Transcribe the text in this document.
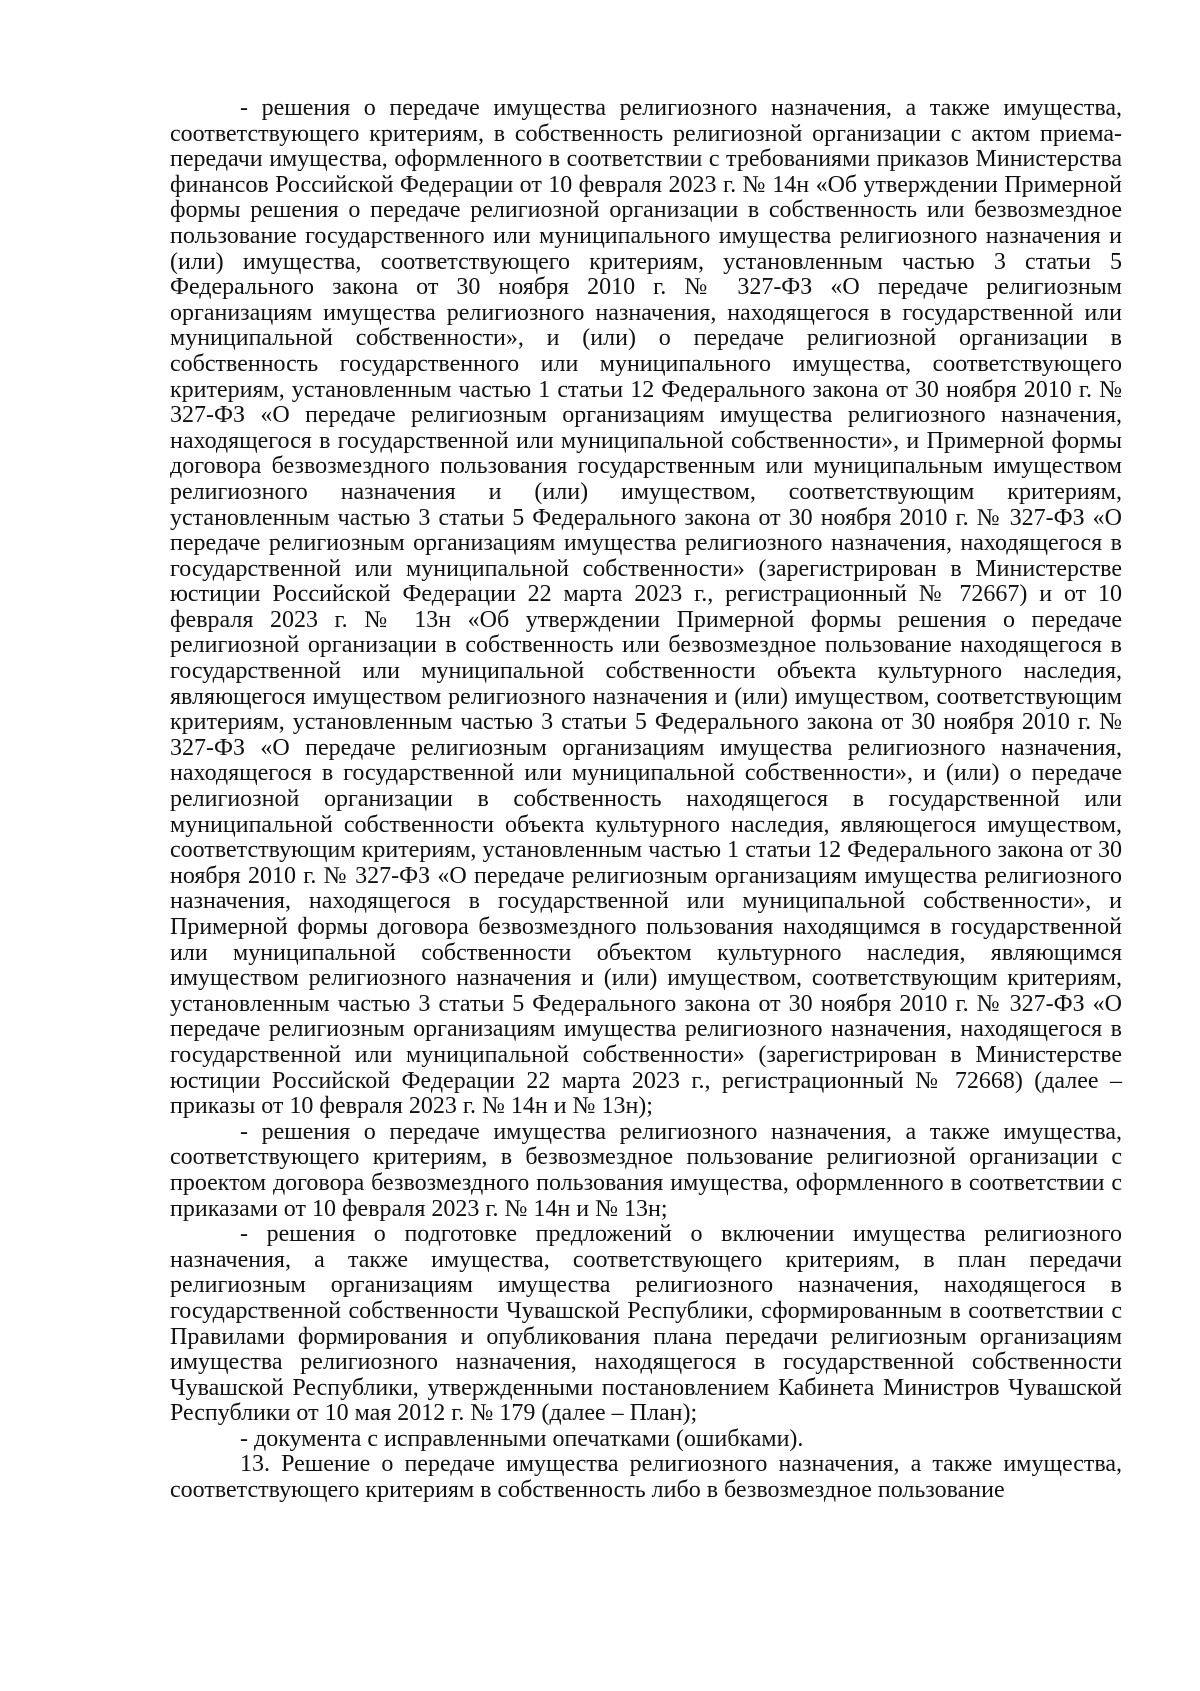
- решения о передаче имущества религиозного назначения, а также имущества, соответствующего критериям, в собственность религиозной организации с актом приема-передачи имущества, оформленного в соответствии с требованиями приказов Министерства финансов Российской Федерации от 10 февраля 2023 г. № 14н «Об утверждении Примерной формы решения о передаче религиозной организации в собственность или безвозмездное пользование государственного или муниципального имущества религиозного назначения и (или) имущества, соответствующего критериям, установленным частью 3 статьи 5 Федерального закона от 30 ноября 2010 г. № 327-ФЗ «О передаче религиозным организациям имущества религиозного назначения, находящегося в государственной или муниципальной собственности», и (или) о передаче религиозной организации в собственность государственного или муниципального имущества, соответствующего критериям, установленным частью 1 статьи 12 Федерального закона от 30 ноября 2010 г. № 327-ФЗ «О передаче религиозным организациям имущества религиозного назначения, находящегося в государственной или муниципальной собственности», и Примерной формы договора безвозмездного пользования государственным или муниципальным имуществом религиозного назначения и (или) имуществом, соответствующим критериям, установленным частью 3 статьи 5 Федерального закона от 30 ноября 2010 г. № 327-ФЗ «О передаче религиозным организациям имущества религиозного назначения, находящегося в государственной или муниципальной собственности» (зарегистрирован в Министерстве юстиции Российской Федерации 22 марта 2023 г., регистрационный № 72667) и от 10 февраля 2023 г. № 13н «Об утверждении Примерной формы решения о передаче религиозной организации в собственность или безвозмездное пользование находящегося в государственной или муниципальной собственности объекта культурного наследия, являющегося имуществом религиозного назначения и (или) имуществом, соответствующим критериям, установленным частью 3 статьи 5 Федерального закона от 30 ноября 2010 г. № 327-ФЗ «О передаче религиозным организациям имущества религиозного назначения, находящегося в государственной или муниципальной собственности», и (или) о передаче религиозной организации в собственность находящегося в государственной или муниципальной собственности объекта культурного наследия, являющегося имуществом, соответствующим критериям, установленным частью 1 статьи 12 Федерального закона от 30 ноября 2010 г. № 327-ФЗ «О передаче религиозным организациям имущества религиозного назначения, находящегося в государственной или муниципальной собственности», и Примерной формы договора безвозмездного пользования находящимся в государственной или муниципальной собственности объектом культурного наследия, являющимся имуществом религиозного назначения и (или) имуществом, соответствующим критериям, установленным частью 3 статьи 5 Федерального закона от 30 ноября 2010 г. № 327-ФЗ «О передаче религиозным организациям имущества религиозного назначения, находящегося в государственной или муниципальной собственности» (зарегистрирован в Министерстве юстиции Российской Федерации 22 марта 2023 г., регистрационный № 72668) (далее – приказы от 10 февраля 2023 г. № 14н и № 13н);

- решения о передаче имущества религиозного назначения, а также имущества, соответствующего критериям, в безвозмездное пользование религиозной организации с проектом договора безвозмездного пользования имущества, оформленного в соответствии с приказами от 10 февраля 2023 г. № 14н и № 13н;

- решения о подготовке предложений о включении имущества религиозного назначения, а также имущества, соответствующего критериям, в план передачи религиозным организациям имущества религиозного назначения, находящегося в государственной собственности Чувашской Республики, сформированным в соответствии с Правилами формирования и опубликования плана передачи религиозным организациям имущества религиозного назначения, находящегося в государственной собственности Чувашской Республики, утвержденными постановлением Кабинета Министров Чувашской Республики от 10 мая 2012 г. № 179 (далее – План);

- документа с исправленными опечатками (ошибками).

13. Решение о передаче имущества религиозного назначения, а также имущества, соответствующего критериям в собственность либо в безвозмездное пользование
